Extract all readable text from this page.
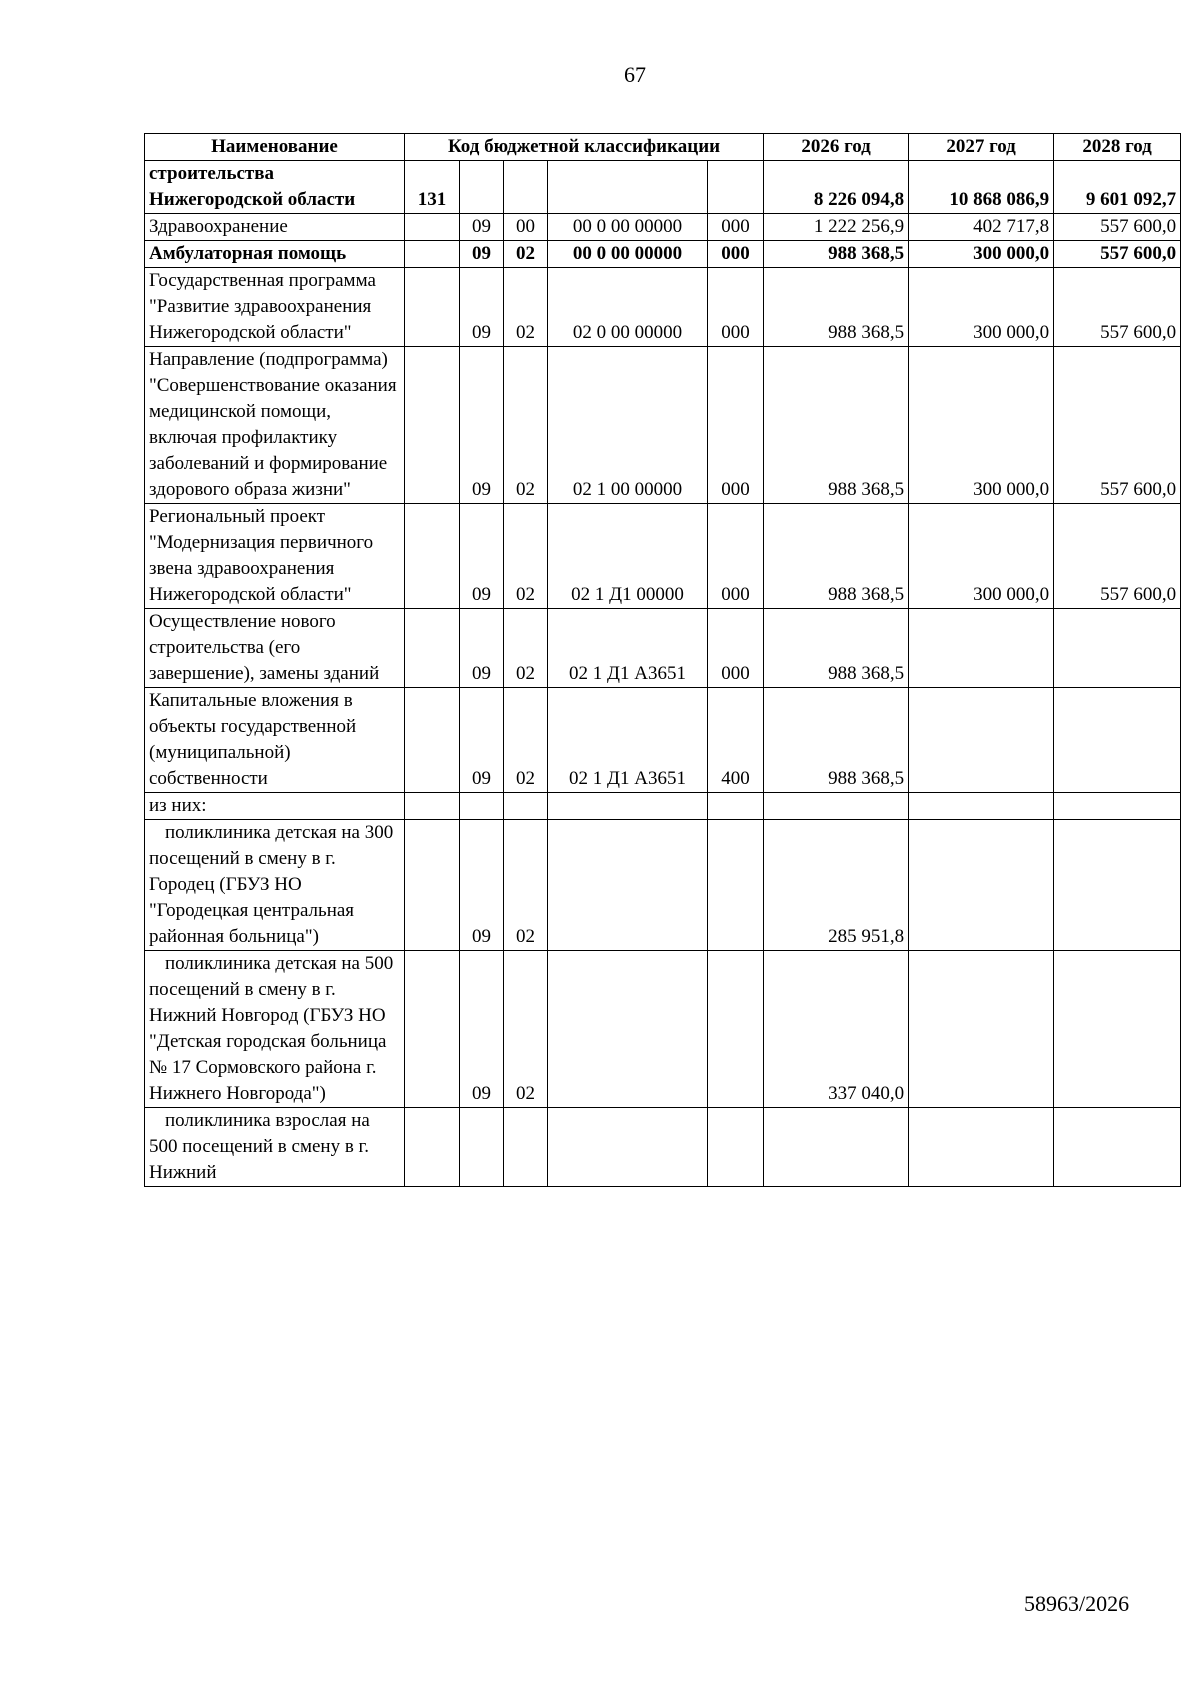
67
Наименование	Код бюджетной классификации					2026 год	2027 год	2028 год
строительства Нижегородской области	131					8 226 094,8	10 868 086,9	9 601 092,7
Здравоохранение		09	00	00 0 00 00000	000	1 222 256,9	402 717,8	557 600,0
Амбулаторная помощь		09	02	00 0 00 00000	000	988 368,5	300 000,0	557 600,0
Государственная программа "Развитие здравоохранения Нижегородской области"		09	02	02 0 00 00000	000	988 368,5	300 000,0	557 600,0
Направление (подпрограмма) "Совершенствование оказания медицинской помощи, включая профилактику заболеваний и формирование здорового образа жизни"		09	02	02 1 00 00000	000	988 368,5	300 000,0	557 600,0
Региональный проект "Модернизация первичного звена здравоохранения Нижегородской области"		09	02	02 1 Д1 00000	000	988 368,5	300 000,0	557 600,0
Осуществление нового строительства (его завершение), замены зданий		09	02	02 1 Д1 А3651	000	988 368,5		
Капитальные вложения в объекты государственной (муниципальной) собственности		09	02	02 1 Д1 А3651	400	988 368,5		
из них:								
поликлиника детская на 300 посещений в смену в г. Городец (ГБУЗ НО "Городецкая центральная районная больница")		09	02			285 951,8		
поликлиника детская на 500 посещений в смену в г. Нижний Новгород (ГБУЗ НО "Детская городская больница № 17 Сормовского района г. Нижнего Новгорода")		09	02			337 040,0		
поликлиника взрослая на 500 посещений в смену в г. Нижний								
58963/2026
